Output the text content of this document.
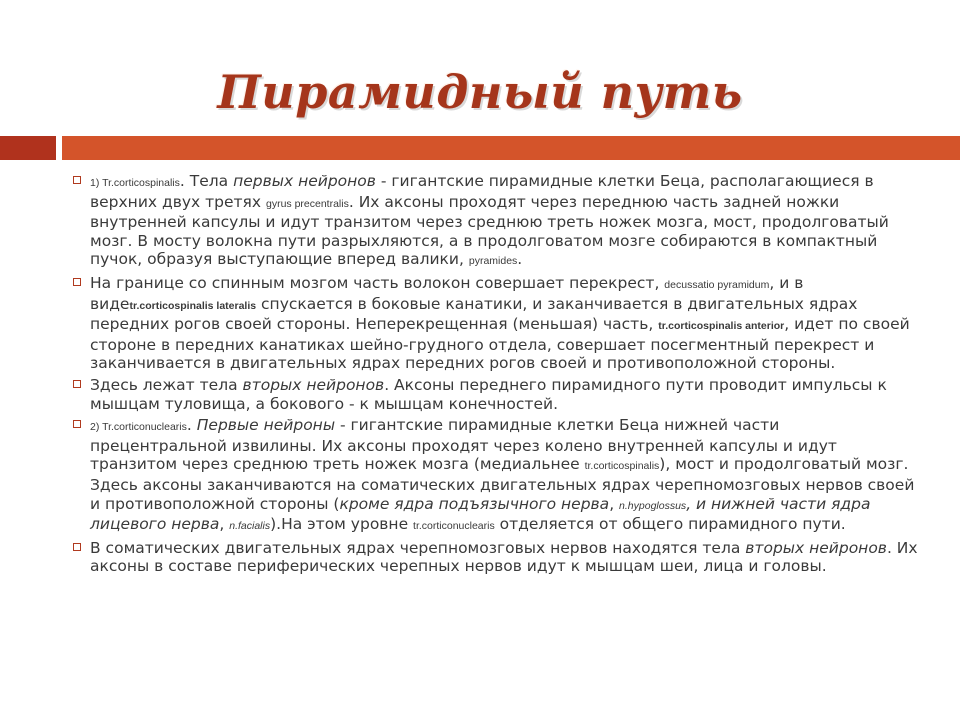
Пирамидный путь
1) Tr.corticospinalis. Тела первых нейронов - гигантские пирамидные клетки Беца, располагающиеся в верхних двух третях gyrus precentralis. Их аксоны проходят через переднюю часть задней ножки внутренней капсулы и идут транзитом через среднюю треть ножек мозга, мост, продолговатый мозг. В мосту волокна пути разрыхляются, а в продолговатом мозге собираются в компактный пучок, образуя выступающие вперед валики, pyramides.
На границе со спинным мозгом часть волокон совершает перекрест, decussatio pyramidum, и в видеtr.corticospinalis lateralis спускается в боковые канатики, и заканчивается в двигательных ядрах передних рогов своей стороны. Неперекрещенная (меньшая) часть, tr.corticospinalis anterior, идет по своей стороне в передних канатиках шейно-грудного отдела, совершает посегментный перекрест и заканчивается в двигательных ядрах передних рогов своей и противоположной стороны.
Здесь лежат тела вторых нейронов. Аксоны переднего пирамидного пути проводит импульсы к мышцам туловища, а бокового - к мышцам конечностей.
2) Tr.corticonuclearis. Первые нейроны - гигантские пирамидные клетки Беца нижней части прецентральной извилины. Их аксоны проходят через колено внутренней капсулы и идут транзитом через среднюю треть ножек мозга (медиальнее tr.corticospinalis), мост и продолговатый мозг. Здесь аксоны заканчиваются на соматических двигательных ядрах черепномозговых нервов своей и противоположной стороны (кроме ядра подъязычного нерва, n.hypoglossus, и нижней части ядра лицевого нерва, n.facialis).На этом уровне tr.corticonuclearis отделяется от общего пирамидного пути.
В соматических двигательных ядрах черепномозговых нервов находятся тела вторых нейронов. Их аксоны в составе периферических черепных нервов идут к мышцам шеи, лица и головы.
